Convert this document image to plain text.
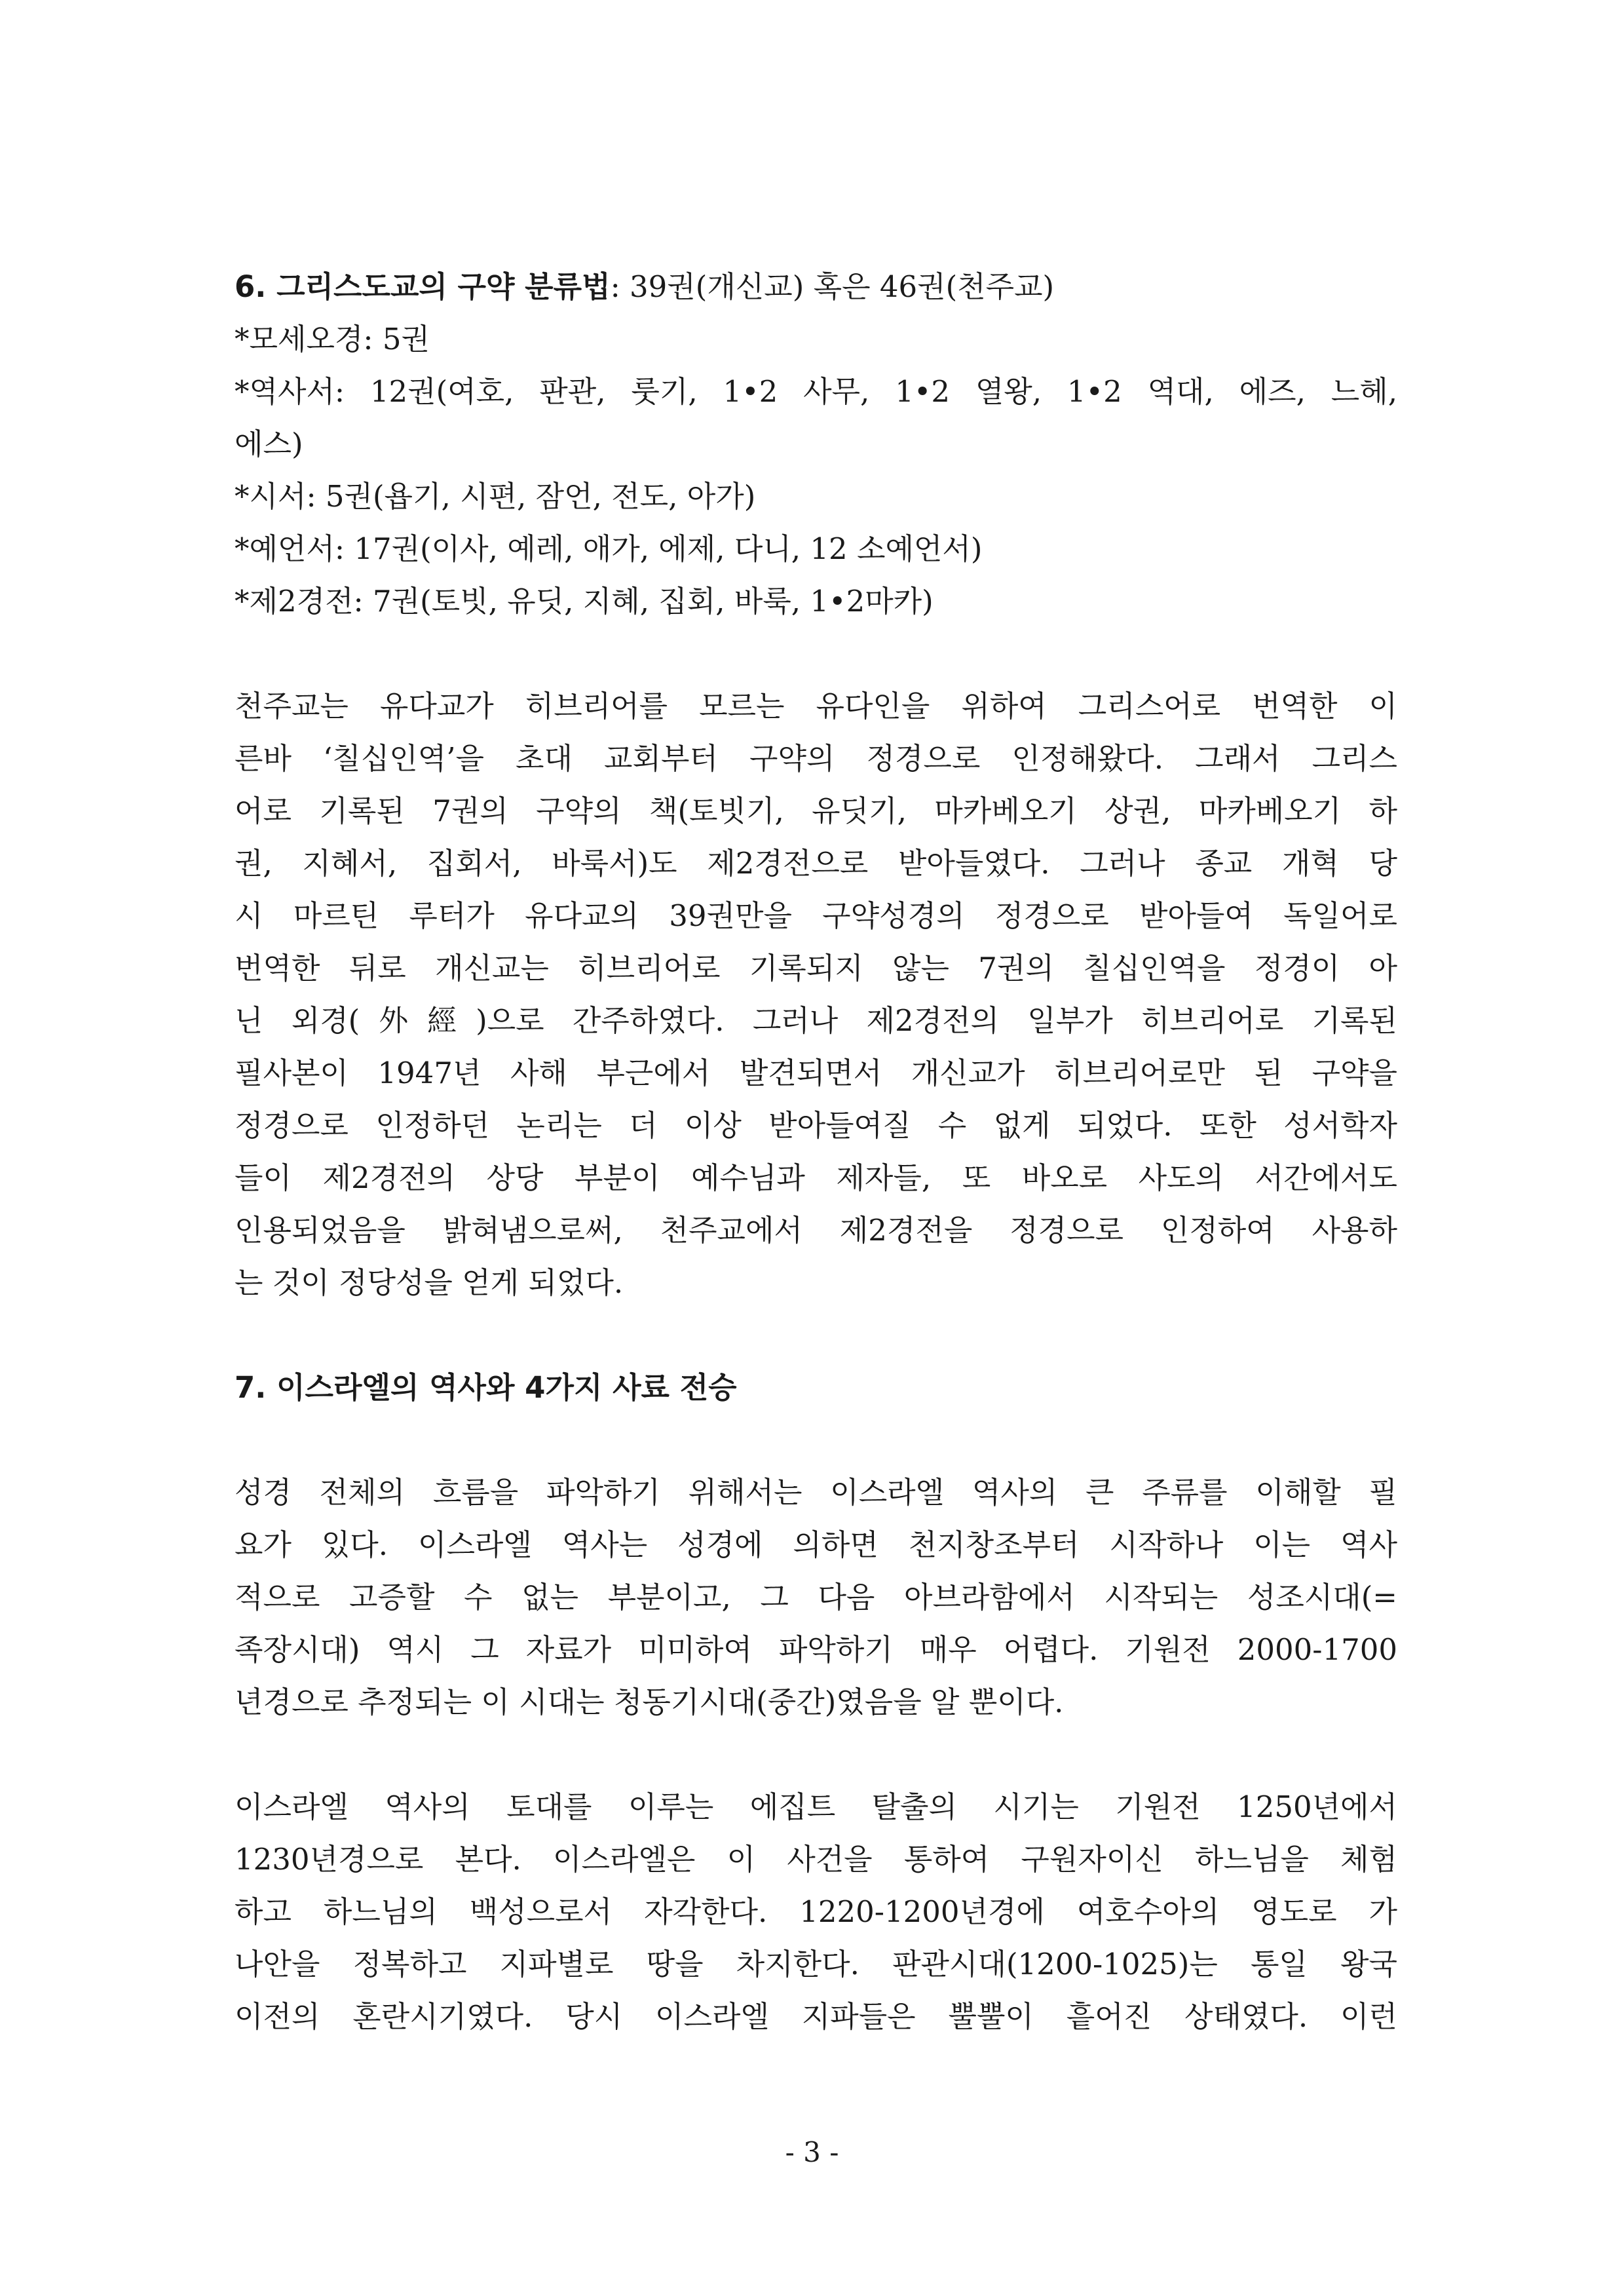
6. 그리스도교의 구약 분류법: 39권(개신교) 혹은 46권(천주교)
*모세오경: 5권
*역사서: 12권(여호, 판관, 룻기, 1•2 사무, 1•2 열왕, 1•2 역대, 에즈, 느헤,
에스)
*시서: 5권(욥기, 시편, 잠언, 전도, 아가)
*예언서: 17권(이사, 예레, 애가, 에제, 다니, 12 소예언서)
*제2경전: 7권(토빗, 유딧, 지혜, 집회, 바룩, 1•2마카)
천주교는 유다교가 히브리어를 모르는 유다인을 위하여 그리스어로 번역한 이
른바 ‘칠십인역’을 초대 교회부터 구약의 정경으로 인정해왔다. 그래서 그리스
어로 기록된 7권의 구약의 책(토빗기, 유딧기, 마카베오기 상권, 마카베오기 하
권, 지혜서, 집회서, 바룩서)도 제2경전으로 받아들였다. 그러나 종교 개혁 당
시 마르틴 루터가 유다교의 39권만을 구약성경의 정경으로 받아들여 독일어로
번역한 뒤로 개신교는 히브리어로 기록되지 않는 7권의 칠십인역을 정경이 아
닌 외경(外經)으로 간주하였다. 그러나 제2경전의 일부가 히브리어로 기록된
필사본이 1947년 사해 부근에서 발견되면서 개신교가 히브리어로만 된 구약을
정경으로 인정하던 논리는 더 이상 받아들여질 수 없게 되었다. 또한 성서학자
들이 제2경전의 상당 부분이 예수님과 제자들, 또 바오로 사도의 서간에서도
인용되었음을 밝혀냄으로써, 천주교에서 제2경전을 정경으로 인정하여 사용하
는 것이 정당성을 얻게 되었다.
7. 이스라엘의 역사와 4가지 사료 전승
성경 전체의 흐름을 파악하기 위해서는 이스라엘 역사의 큰 주류를 이해할 필
요가 있다. 이스라엘 역사는 성경에 의하면 천지창조부터 시작하나 이는 역사
적으로 고증할 수 없는 부분이고, 그 다음 아브라함에서 시작되는 성조시대(=
족장시대) 역시 그 자료가 미미하여 파악하기 매우 어렵다. 기원전 2000-1700
년경으로 추정되는 이 시대는 청동기시대(중간)였음을 알 뿐이다.
이스라엘 역사의 토대를 이루는 에집트 탈출의 시기는 기원전 1250년에서
1230년경으로 본다. 이스라엘은 이 사건을 통하여 구원자이신 하느님을 체험
하고 하느님의 백성으로서 자각한다. 1220-1200년경에 여호수아의 영도로 가
나안을 정복하고 지파별로 땅을 차지한다. 판관시대(1200-1025)는 통일 왕국
이전의 혼란시기였다. 당시 이스라엘 지파들은 뿔뿔이 흩어진 상태였다. 이런
- 3 -
